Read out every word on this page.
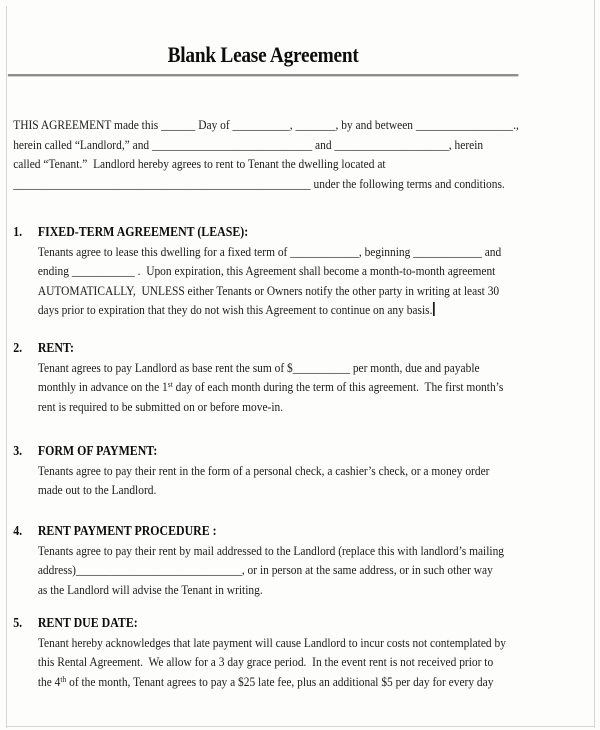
Blank Lease Agreement
THIS AGREEMENT made this ______ Day of __________, _______, by and between _________________.,
herein called “Landlord,” and ____________________________ and ____________________, herein
called “Tenant.”  Landlord hereby agrees to rent to Tenant the dwelling located at
____________________________________________________ under the following terms and conditions.
1. FIXED-TERM AGREEMENT (LEASE):
Tenants agree to lease this dwelling for a fixed term of ____________, beginning ____________ and
ending ___________ .  Upon expiration, this Agreement shall become a month-to-month agreement
AUTOMATICALLY,  UNLESS either Tenants or Owners notify the other party in writing at least 30
days prior to expiration that they do not wish this Agreement to continue on any basis.
2. RENT:
Tenant agrees to pay Landlord as base rent the sum of $__________ per month, due and payable
monthly in advance on the 1st day of each month during the term of this agreement.  The first month’s
rent is required to be submitted on or before move-in.
3. FORM OF PAYMENT:
Tenants agree to pay their rent in the form of a personal check, a cashier’s check, or a money order
made out to the Landlord.
4. RENT PAYMENT PROCEDURE :
Tenants agree to pay their rent by mail addressed to the Landlord (replace this with landlord’s mailing
address)_____________________________, or in person at the same address, or in such other way
as the Landlord will advise the Tenant in writing.
5. RENT DUE DATE:
Tenant hereby acknowledges that late payment will cause Landlord to incur costs not contemplated by
this Rental Agreement.  We allow for a 3 day grace period.  In the event rent is not received prior to
the 4th of the month, Tenant agrees to pay a $25 late fee, plus an additional $5 per day for every day
